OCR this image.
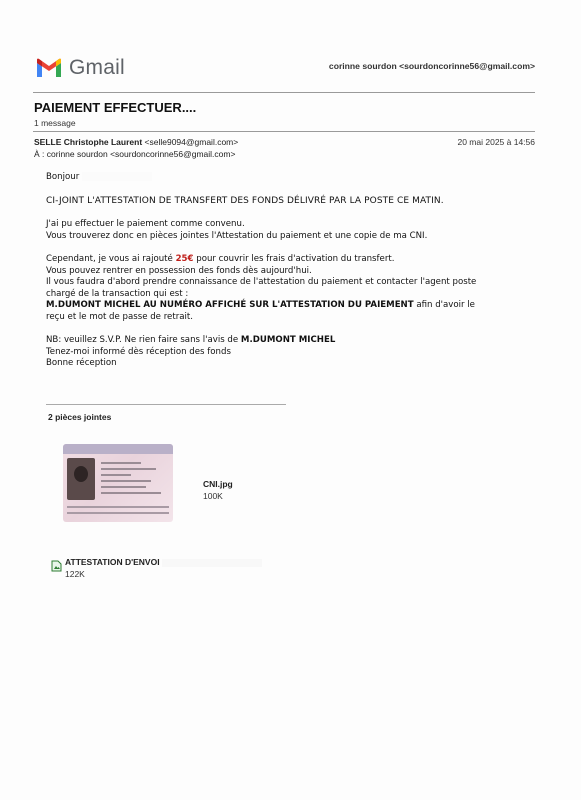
Gmail	corinne sourdon <sourdoncorinne56@gmail.com>
PAIEMENT EFFECTUER....
1 message
SELLE Christophe Laurent <selle9094@gmail.com>
À : corinne sourdon <sourdoncorinne56@gmail.com>
20 mai 2025 à 14:56

Bonjour

CI-JOINT L'ATTESTATION DE TRANSFERT DES FONDS DÉLIVRÉ PAR LA POSTE CE MATIN.

J'ai pu effectuer le paiement comme convenu.

Vous trouverez donc en pièces jointes l'Attestation du paiement et une copie de ma CNI.

Cependant, je vous ai rajouté 25€ pour couvrir les frais d'activation du transfert.

Vous pouvez rentrer en possession des fonds dès aujourd'hui.

Il vous faudra d'abord prendre connaissance de l'attestation du paiement et contacter l'agent poste

chargé de la transaction qui est :

M.DUMONT MICHEL AU NUMÉRO AFFICHÉ SUR L'ATTESTATION DU PAIEMENT afin d'avoir le

reçu et le mot de passe de retrait.

NB: veuillez S.V.P. Ne rien faire sans l'avis de M.DUMONT MICHEL

Tenez-moi informé dès réception des fonds

Bonne réception

2 pièces jointes
CNI.jpg
100K
ATTESTATION D'ENVOI
122K
